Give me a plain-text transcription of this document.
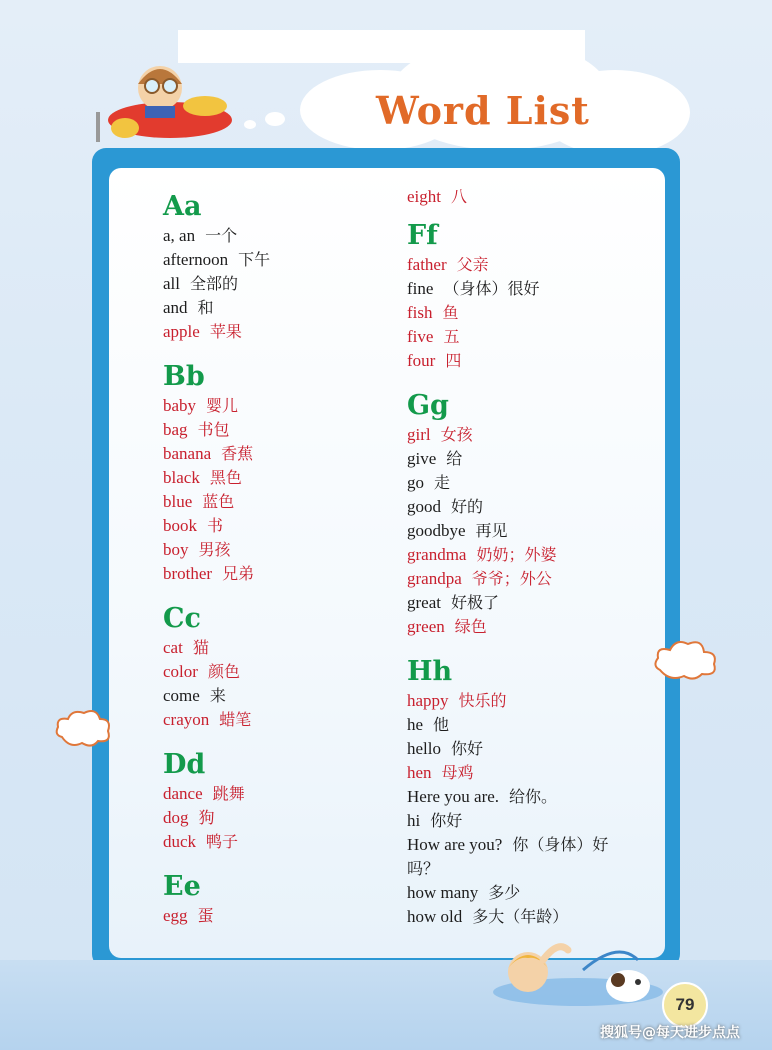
Word List
Aa
a, an 一个
afternoon 下午
all 全部的
and 和
apple 苹果
Bb
baby 婴儿
bag 书包
banana 香蕉
black 黑色
blue 蓝色
book 书
boy 男孩
brother 兄弟
Cc
cat 猫
color 颜色
come 来
crayon 蜡笔
Dd
dance 跳舞
dog 狗
duck 鸭子
Ee
egg 蛋
eight 八
Ff
father 父亲
fine （身体）很好
fish 鱼
five 五
four 四
Gg
girl 女孩
give 给
go 走
good 好的
goodbye 再见
grandma 奶奶；外婆
grandpa 爷爷；外公
great 好极了
green 绿色
Hh
happy 快乐的
he 他
hello 你好
hen 母鸡
Here you are. 给你。
hi 你好
How are you? 你（身体）好吗？
how many 多少
how old 多大（年龄）
79
搜狐号@每天进步点点
